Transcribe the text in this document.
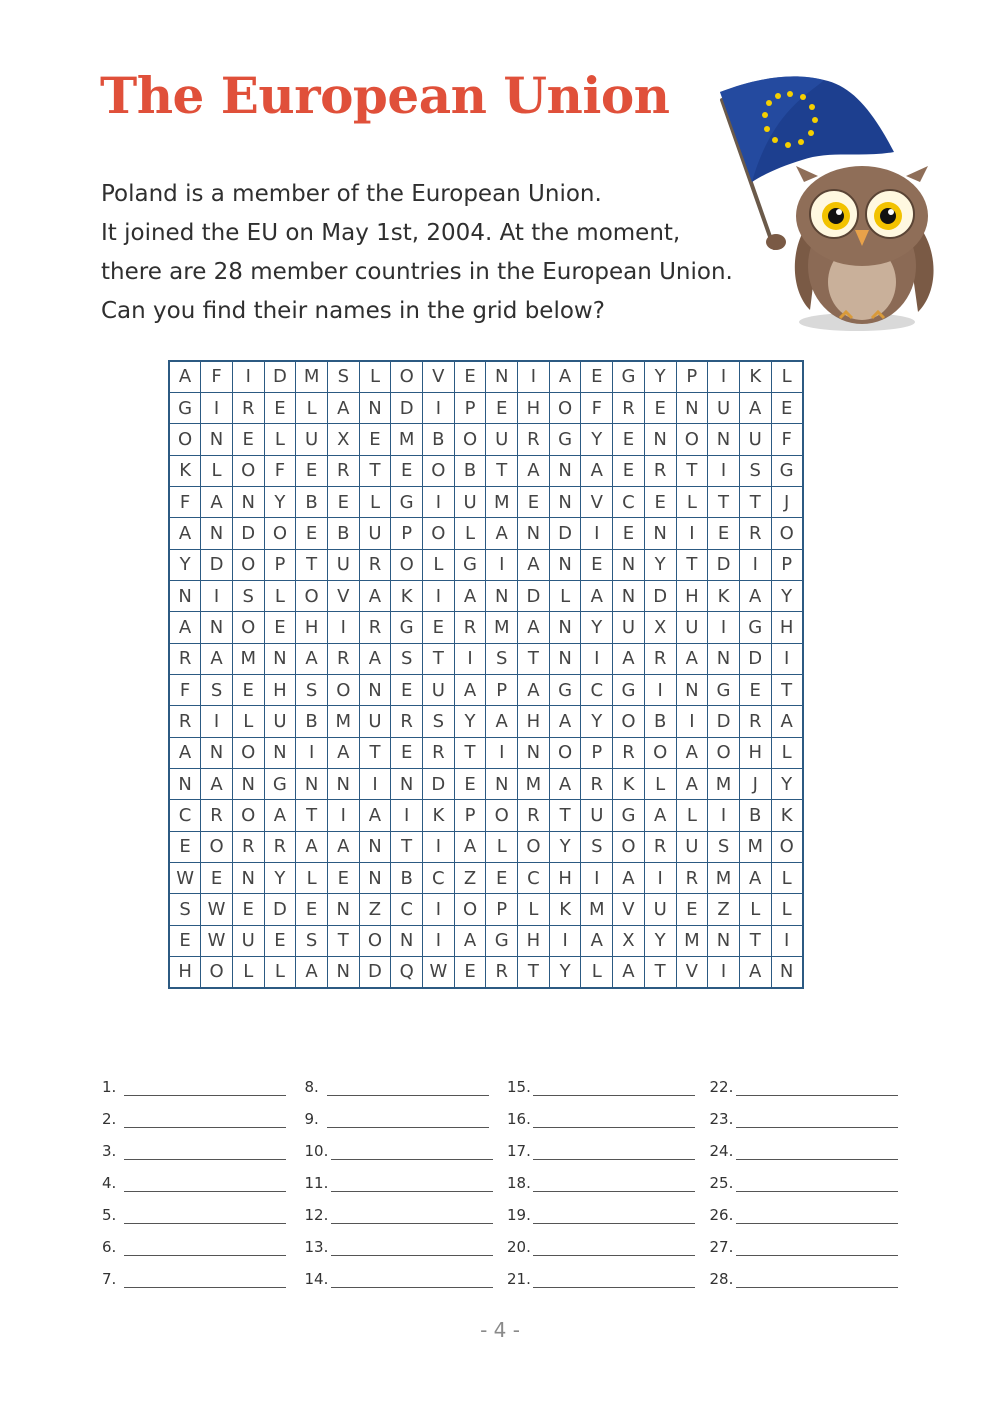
The European Union

Poland is a member of the European Union.

It joined the EU on May 1st, 2004. At the moment,

there are 28 member countries in the European Union.

Can you find their names in the grid below?

A	F	I	D	M	S	L	O	V	E	N	I	A	E	G	Y	P	I	K	L
G	I	R	E	L	A	N	D	I	P	E	H	O	F	R	E	N	U	A	E
O	N	E	L	U	X	E	M	B	O	U	R	G	Y	E	N	O	N	U	F
K	L	O	F	E	R	T	E	O	B	T	A	N	A	E	R	T	I	S	G
F	A	N	Y	B	E	L	G	I	U	M	E	N	V	C	E	L	T	T	J
A	N	D	O	E	B	U	P	O	L	A	N	D	I	E	N	I	E	R	O
Y	D	O	P	T	U	R	O	L	G	I	A	N	E	N	Y	T	D	I	P
N	I	S	L	O	V	A	K	I	A	N	D	L	A	N	D	H	K	A	Y
A	N	O	E	H	I	R	G	E	R	M	A	N	Y	U	X	U	I	G	H
R	A	M	N	A	R	A	S	T	I	S	T	N	I	A	R	A	N	D	I
F	S	E	H	S	O	N	E	U	A	P	A	G	C	G	I	N	G	E	T
R	I	L	U	B	M	U	R	S	Y	A	H	A	Y	O	B	I	D	R	A
A	N	O	N	I	A	T	E	R	T	I	N	O	P	R	O	A	O	H	L
N	A	N	G	N	N	I	N	D	E	N	M	A	R	K	L	A	M	J	Y
C	R	O	A	T	I	A	I	K	P	O	R	T	U	G	A	L	I	B	K
E	O	R	R	A	A	N	T	I	A	L	O	Y	S	O	R	U	S	M	O
W	E	N	Y	L	E	N	B	C	Z	E	C	H	I	A	I	R	M	A	L
S	W	E	D	E	N	Z	C	I	O	P	L	K	M	V	U	E	Z	L	L
E	W	U	E	S	T	O	N	I	A	G	H	I	A	X	Y	M	N	T	I
H	O	L	L	A	N	D	Q	W	E	R	T	Y	L	A	T	V	I	A	N
1.
2.
3.
4.
5.
6.
7.
8.
9.
10.
11.
12.
13.
14.
15.
16.
17.
18.
19.
20.
21.
22.
23.
24.
25.
26.
27.
28.
- 4 -
